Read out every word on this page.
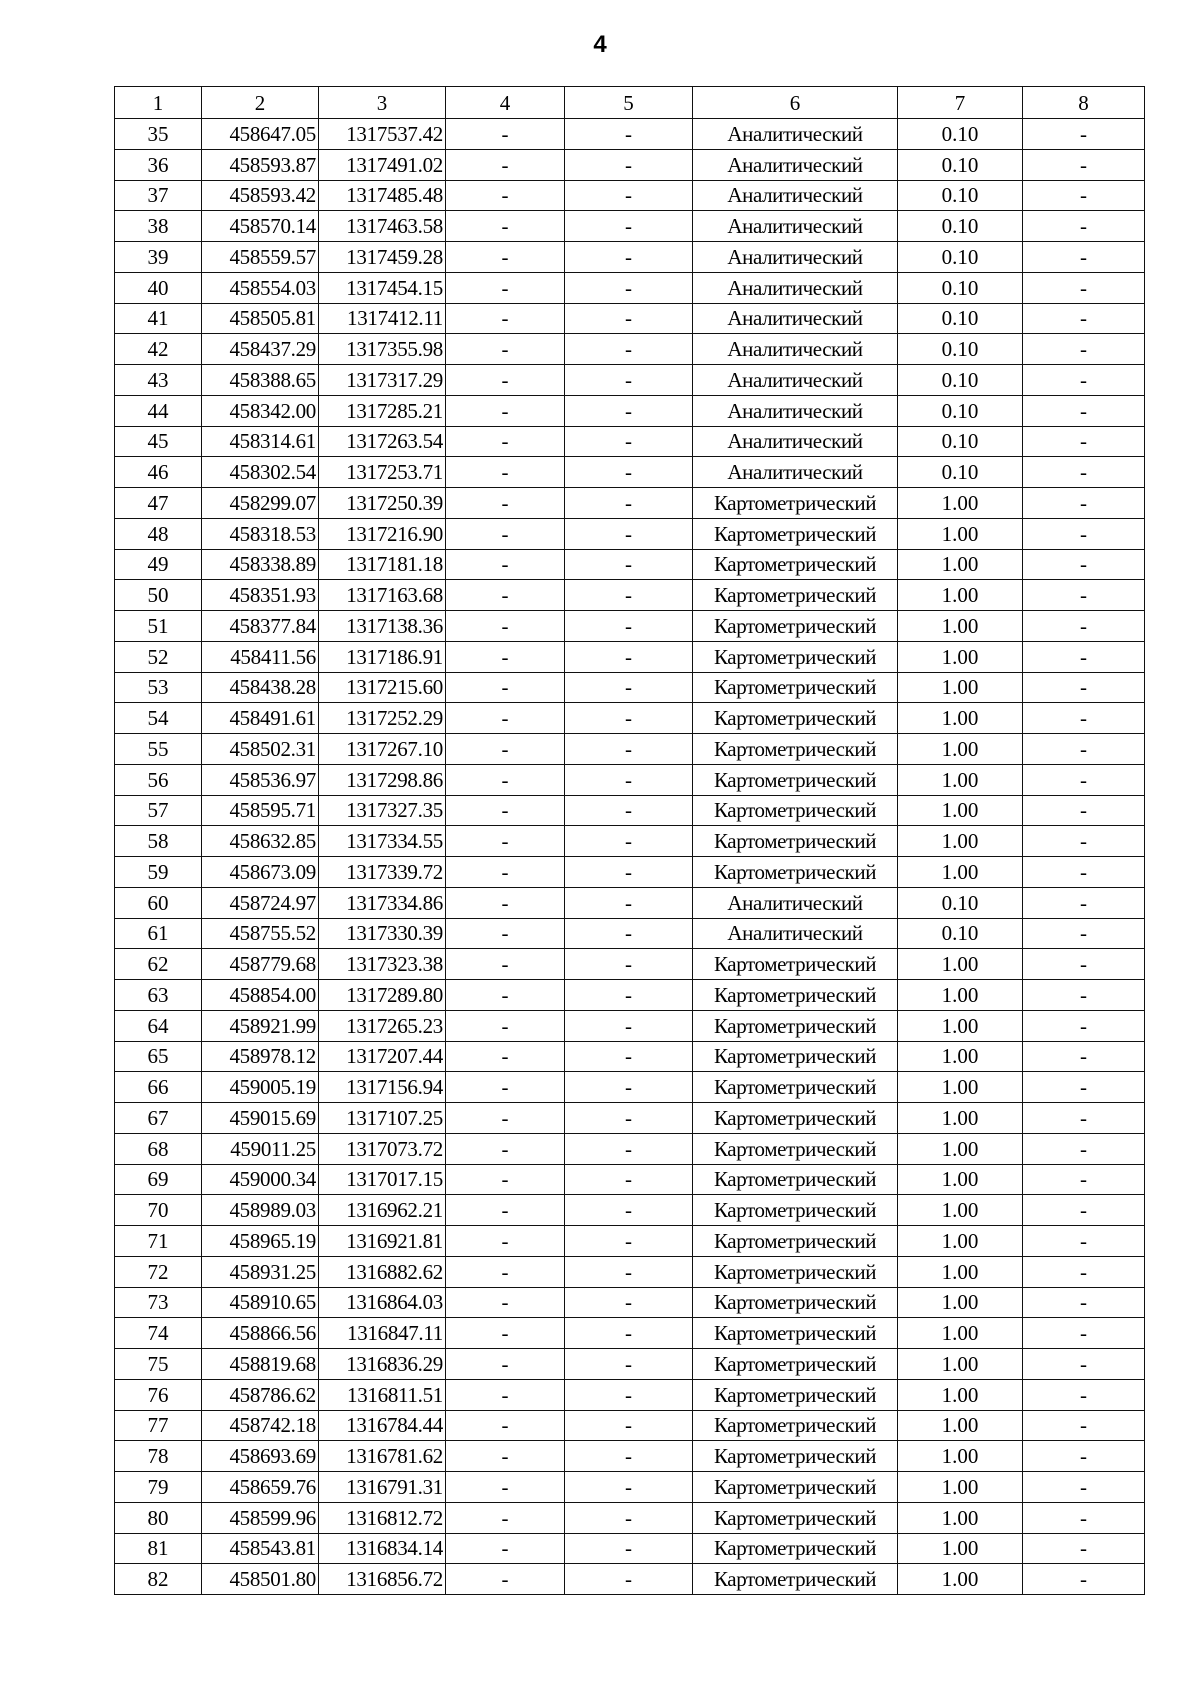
4
1	2	3	4	5	6	7	8
35	458647.05	1317537.42	-	-	Аналитический	0.10	-
36	458593.87	1317491.02	-	-	Аналитический	0.10	-
37	458593.42	1317485.48	-	-	Аналитический	0.10	-
38	458570.14	1317463.58	-	-	Аналитический	0.10	-
39	458559.57	1317459.28	-	-	Аналитический	0.10	-
40	458554.03	1317454.15	-	-	Аналитический	0.10	-
41	458505.81	1317412.11	-	-	Аналитический	0.10	-
42	458437.29	1317355.98	-	-	Аналитический	0.10	-
43	458388.65	1317317.29	-	-	Аналитический	0.10	-
44	458342.00	1317285.21	-	-	Аналитический	0.10	-
45	458314.61	1317263.54	-	-	Аналитический	0.10	-
46	458302.54	1317253.71	-	-	Аналитический	0.10	-
47	458299.07	1317250.39	-	-	Картометрический	1.00	-
48	458318.53	1317216.90	-	-	Картометрический	1.00	-
49	458338.89	1317181.18	-	-	Картометрический	1.00	-
50	458351.93	1317163.68	-	-	Картометрический	1.00	-
51	458377.84	1317138.36	-	-	Картометрический	1.00	-
52	458411.56	1317186.91	-	-	Картометрический	1.00	-
53	458438.28	1317215.60	-	-	Картометрический	1.00	-
54	458491.61	1317252.29	-	-	Картометрический	1.00	-
55	458502.31	1317267.10	-	-	Картометрический	1.00	-
56	458536.97	1317298.86	-	-	Картометрический	1.00	-
57	458595.71	1317327.35	-	-	Картометрический	1.00	-
58	458632.85	1317334.55	-	-	Картометрический	1.00	-
59	458673.09	1317339.72	-	-	Картометрический	1.00	-
60	458724.97	1317334.86	-	-	Аналитический	0.10	-
61	458755.52	1317330.39	-	-	Аналитический	0.10	-
62	458779.68	1317323.38	-	-	Картометрический	1.00	-
63	458854.00	1317289.80	-	-	Картометрический	1.00	-
64	458921.99	1317265.23	-	-	Картометрический	1.00	-
65	458978.12	1317207.44	-	-	Картометрический	1.00	-
66	459005.19	1317156.94	-	-	Картометрический	1.00	-
67	459015.69	1317107.25	-	-	Картометрический	1.00	-
68	459011.25	1317073.72	-	-	Картометрический	1.00	-
69	459000.34	1317017.15	-	-	Картометрический	1.00	-
70	458989.03	1316962.21	-	-	Картометрический	1.00	-
71	458965.19	1316921.81	-	-	Картометрический	1.00	-
72	458931.25	1316882.62	-	-	Картометрический	1.00	-
73	458910.65	1316864.03	-	-	Картометрический	1.00	-
74	458866.56	1316847.11	-	-	Картометрический	1.00	-
75	458819.68	1316836.29	-	-	Картометрический	1.00	-
76	458786.62	1316811.51	-	-	Картометрический	1.00	-
77	458742.18	1316784.44	-	-	Картометрический	1.00	-
78	458693.69	1316781.62	-	-	Картометрический	1.00	-
79	458659.76	1316791.31	-	-	Картометрический	1.00	-
80	458599.96	1316812.72	-	-	Картометрический	1.00	-
81	458543.81	1316834.14	-	-	Картометрический	1.00	-
82	458501.80	1316856.72	-	-	Картометрический	1.00	-
